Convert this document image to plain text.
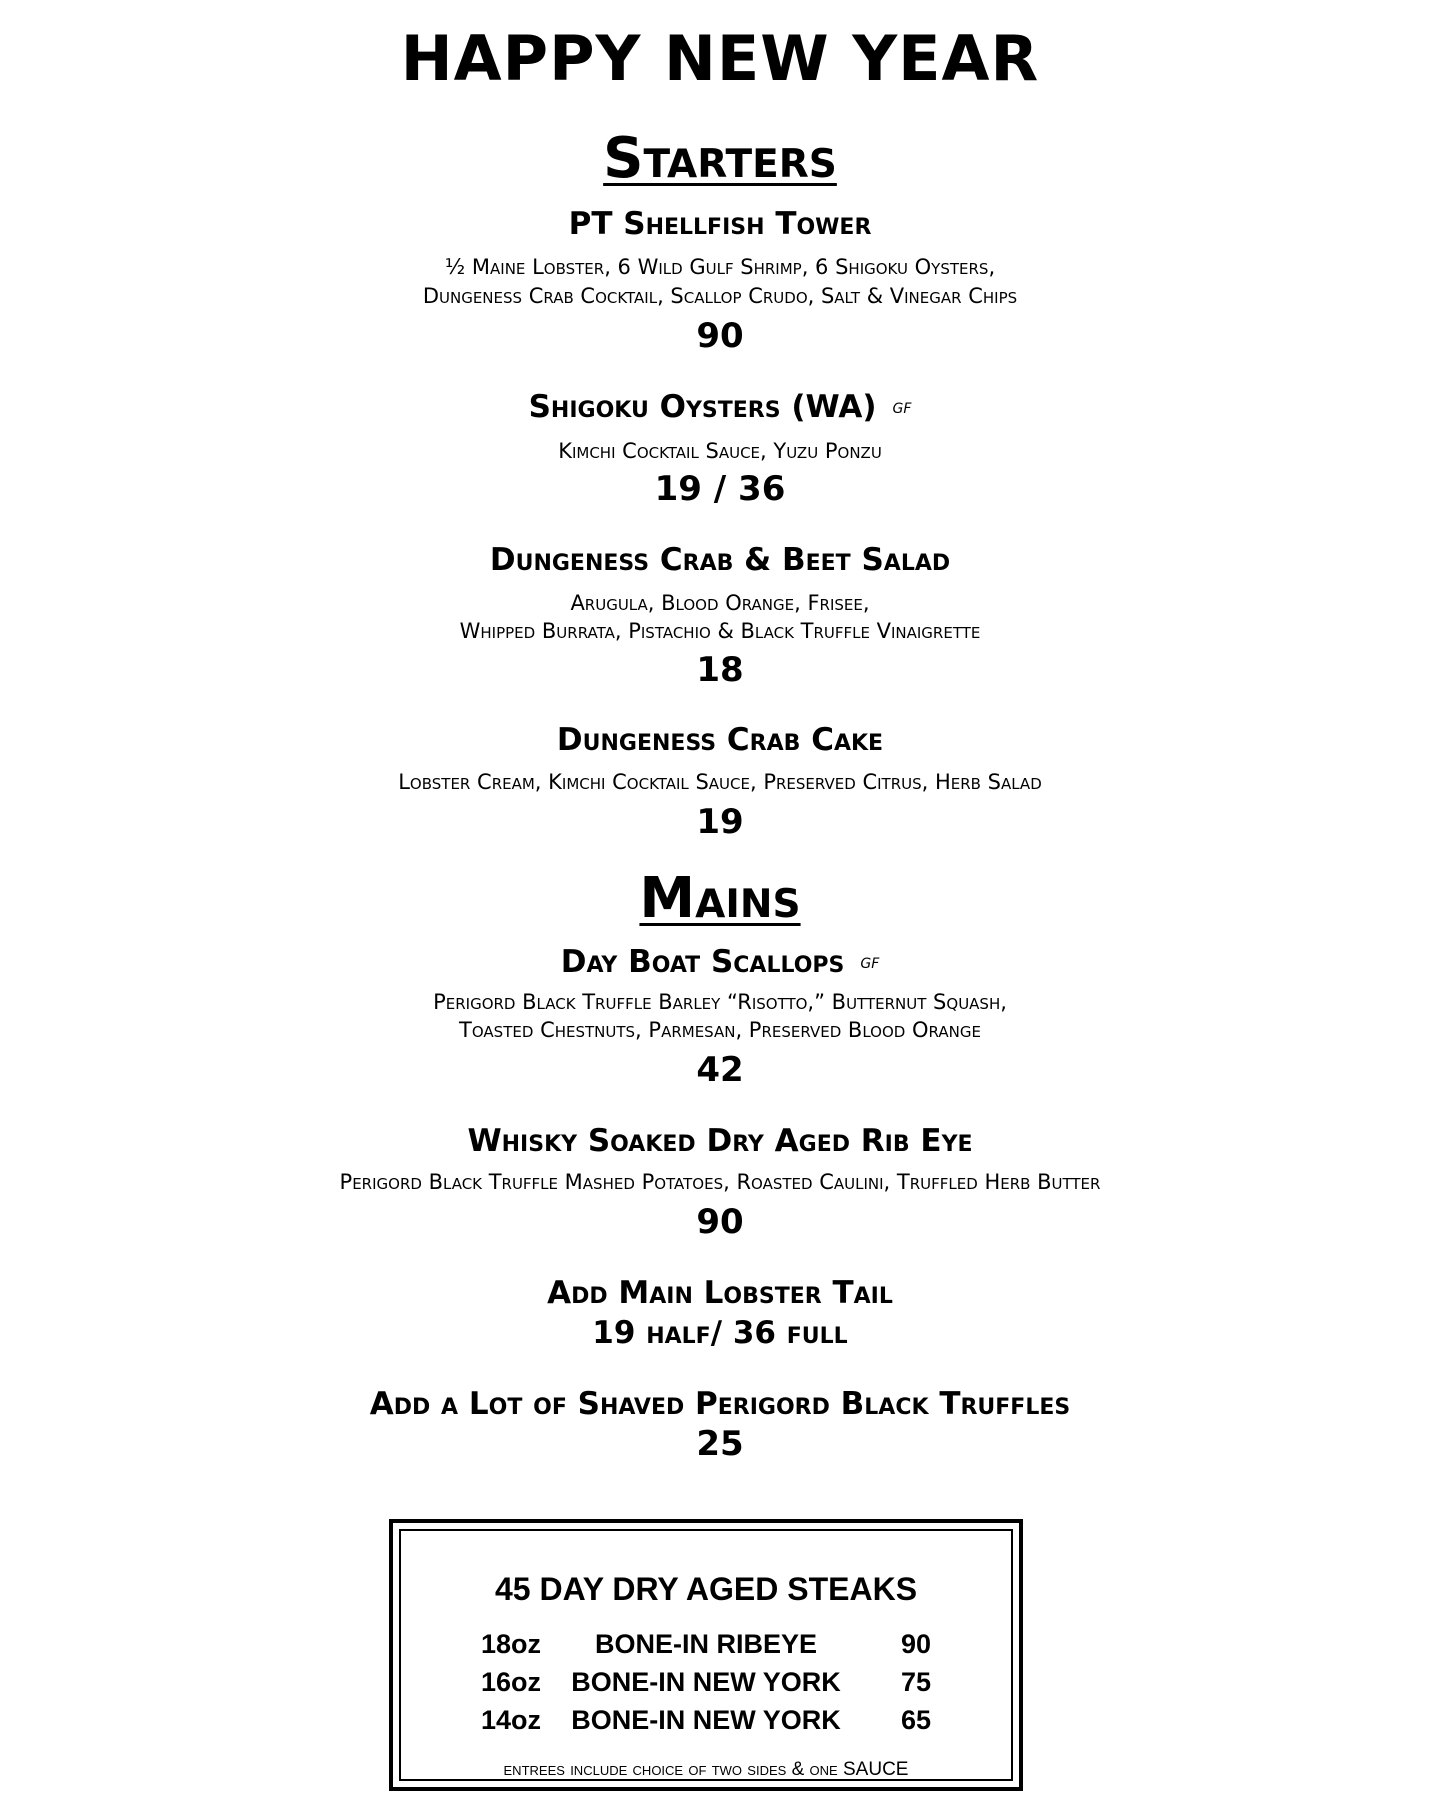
HAPPY NEW YEAR
Starters
PT Shellfish Tower
½ Maine Lobster, 6 Wild Gulf Shrimp, 6 Shigoku Oysters,
Dungeness Crab Cocktail, Scallop Crudo, Salt & Vinegar Chips
90
Shigoku Oysters (WA) GF
Kimchi Cocktail Sauce, Yuzu Ponzu
19 / 36
Dungeness Crab & Beet Salad
Arugula, Blood Orange, Frisee,
Whipped Burrata, Pistachio & Black Truffle Vinaigrette
18
Dungeness Crab Cake
Lobster Cream, Kimchi Cocktail Sauce, Preserved Citrus, Herb Salad
19
Mains
Day Boat Scallops GF
Perigord Black Truffle Barley “Risotto,” Butternut Squash,
Toasted Chestnuts, Parmesan, Preserved Blood Orange
42
Whisky Soaked Dry Aged Rib Eye
Perigord Black Truffle Mashed Potatoes, Roasted Caulini, Truffled Herb Butter
90
Add Main Lobster Tail
19 half/ 36 full
Add a Lot of Shaved Perigord Black Truffles
25
45 DAY DRY AGED STEAKS
18oz	BONE-IN RIBEYE	90
16oz	BONE-IN NEW YORK	75
14oz	BONE-IN NEW YORK	65
entrees include choice of two sides & one SAUCE
